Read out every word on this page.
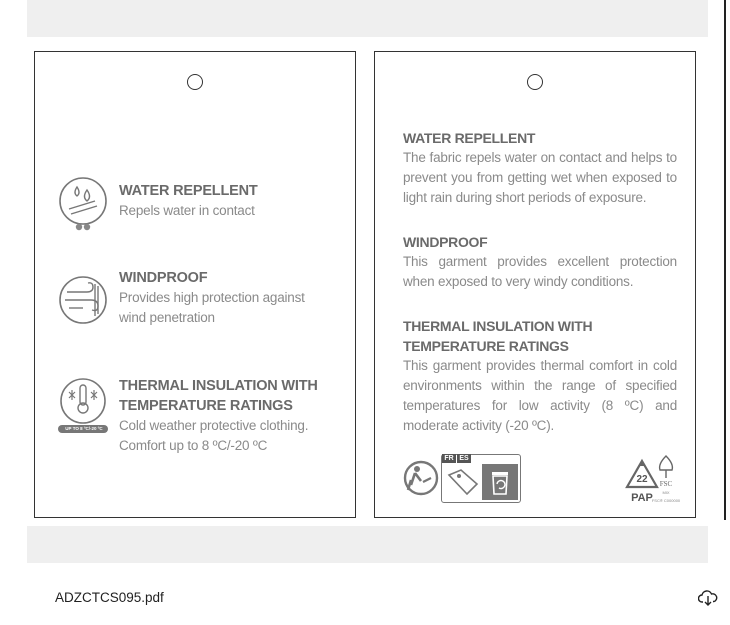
WATER REPELLENT
Repels water in contact
WINDPROOF
Provides high protection against wind penetration
UP TO 8 ºC/-20 ºC
THERMAL INSULATION WITH TEMPERATURE RATINGS
Cold weather protective clothing. Comfort up to 8 ºC/-20 ºC
WATER REPELLENT
The fabric repels water on contact and helps to prevent you from getting wet when exposed to light rain during short periods of exposure.
WINDPROOF
This garment provides excellent protection when exposed to very windy conditions.
THERMAL INSULATION WITH TEMPERATURE RATINGS
This garment provides thermal comfort in cold environments within the range of specified temperatures for low activity (8 ºC) and moderate activity (-20 ºC).
FR ES
22
PAP
FSC
MIX
FSC® C000000
ADZCTCS095.pdf
